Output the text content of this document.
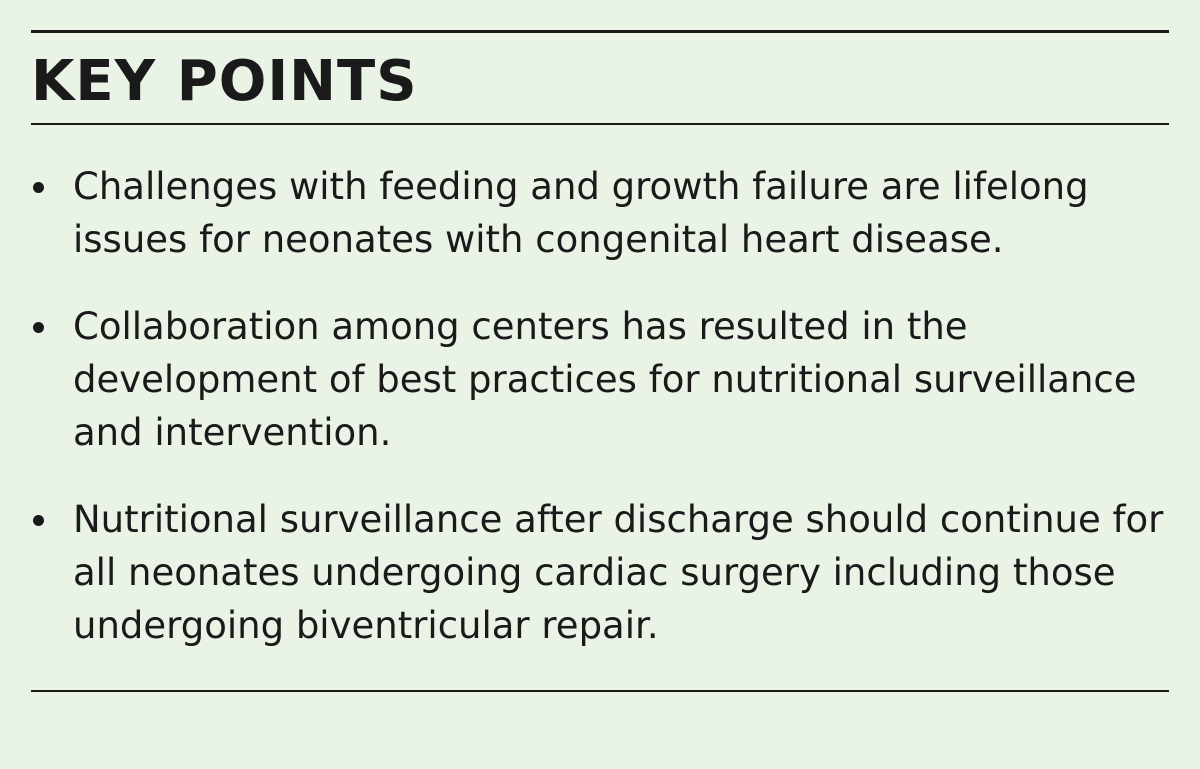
KEY POINTS
Challenges with feeding and growth failure are lifelong issues for neonates with congenital heart disease.
Collaboration among centers has resulted in the development of best practices for nutritional surveillance and intervention.
Nutritional surveillance after discharge should continue for all neonates undergoing cardiac surgery including those undergoing biventricular repair.
